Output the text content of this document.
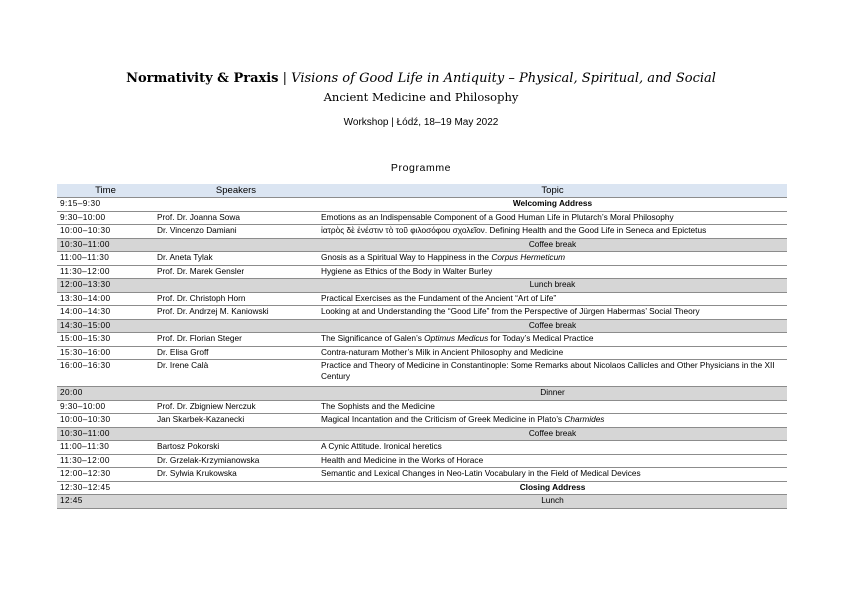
Normativity & Praxis | Visions of Good Life in Antiquity – Physical, Spiritual, and Social
Ancient Medicine and Philosophy
Workshop | Łódź, 18–19 May 2022
Programme
Time	Speakers	Topic
9:15–9:30		Welcoming Address
9:30–10:00	Prof. Dr. Joanna Sowa	Emotions as an Indispensable Component of a Good Human Life in Plutarch’s Moral Philosophy
10:00–10:30	Dr. Vincenzo Damiani	ἰατρὸς δὲ ἐνέστιν τὸ τοῦ φιλοσόφου σχολεῖον. Defining Health and the Good Life in Seneca and Epictetus
10:30–11:00		Coffee break
11:00–11:30	Dr. Aneta Tylak	Gnosis as a Spiritual Way to Happiness in the Corpus Hermeticum
11:30–12:00	Prof. Dr. Marek Gensler	Hygiene as Ethics of the Body in Walter Burley
12:00–13:30		Lunch break
13:30–14:00	Prof. Dr. Christoph Horn	Practical Exercises as the Fundament of the Ancient “Art of Life”
14:00–14:30	Prof. Dr. Andrzej M. Kaniowski	Looking at and Understanding the “Good Life” from the Perspective of Jürgen Habermas’ Social Theory
14:30–15:00		Coffee break
15:00–15:30	Prof. Dr. Florian Steger	The Significance of Galen’s Optimus Medicus for Today’s Medical Practice
15:30–16:00	Dr. Elisa Groff	Contra-naturam Mother’s Milk in Ancient Philosophy and Medicine
16:00–16:30	Dr. Irene Calà	Practice and Theory of Medicine in Constantinople: Some Remarks about Nicolaos Callicles and Other Physicians in the XII Century
20:00		Dinner
9:30–10:00	Prof. Dr. Zbigniew Nerczuk	The Sophists and the Medicine
10:00–10:30	Jan Skarbek-Kazanecki	Magical Incantation and the Criticism of Greek Medicine in Plato’s Charmides
10:30–11:00		Coffee break
11:00–11:30	Bartosz Pokorski	A Cynic Attitude. Ironical heretics
11:30–12:00	Dr. Grzelak-Krzymianowska	Health and Medicine in the Works of Horace
12:00–12:30	Dr. Sylwia Krukowska	Semantic and Lexical Changes in Neo-Latin Vocabulary in the Field of Medical Devices
12:30–12:45		Closing Address
12:45		Lunch
